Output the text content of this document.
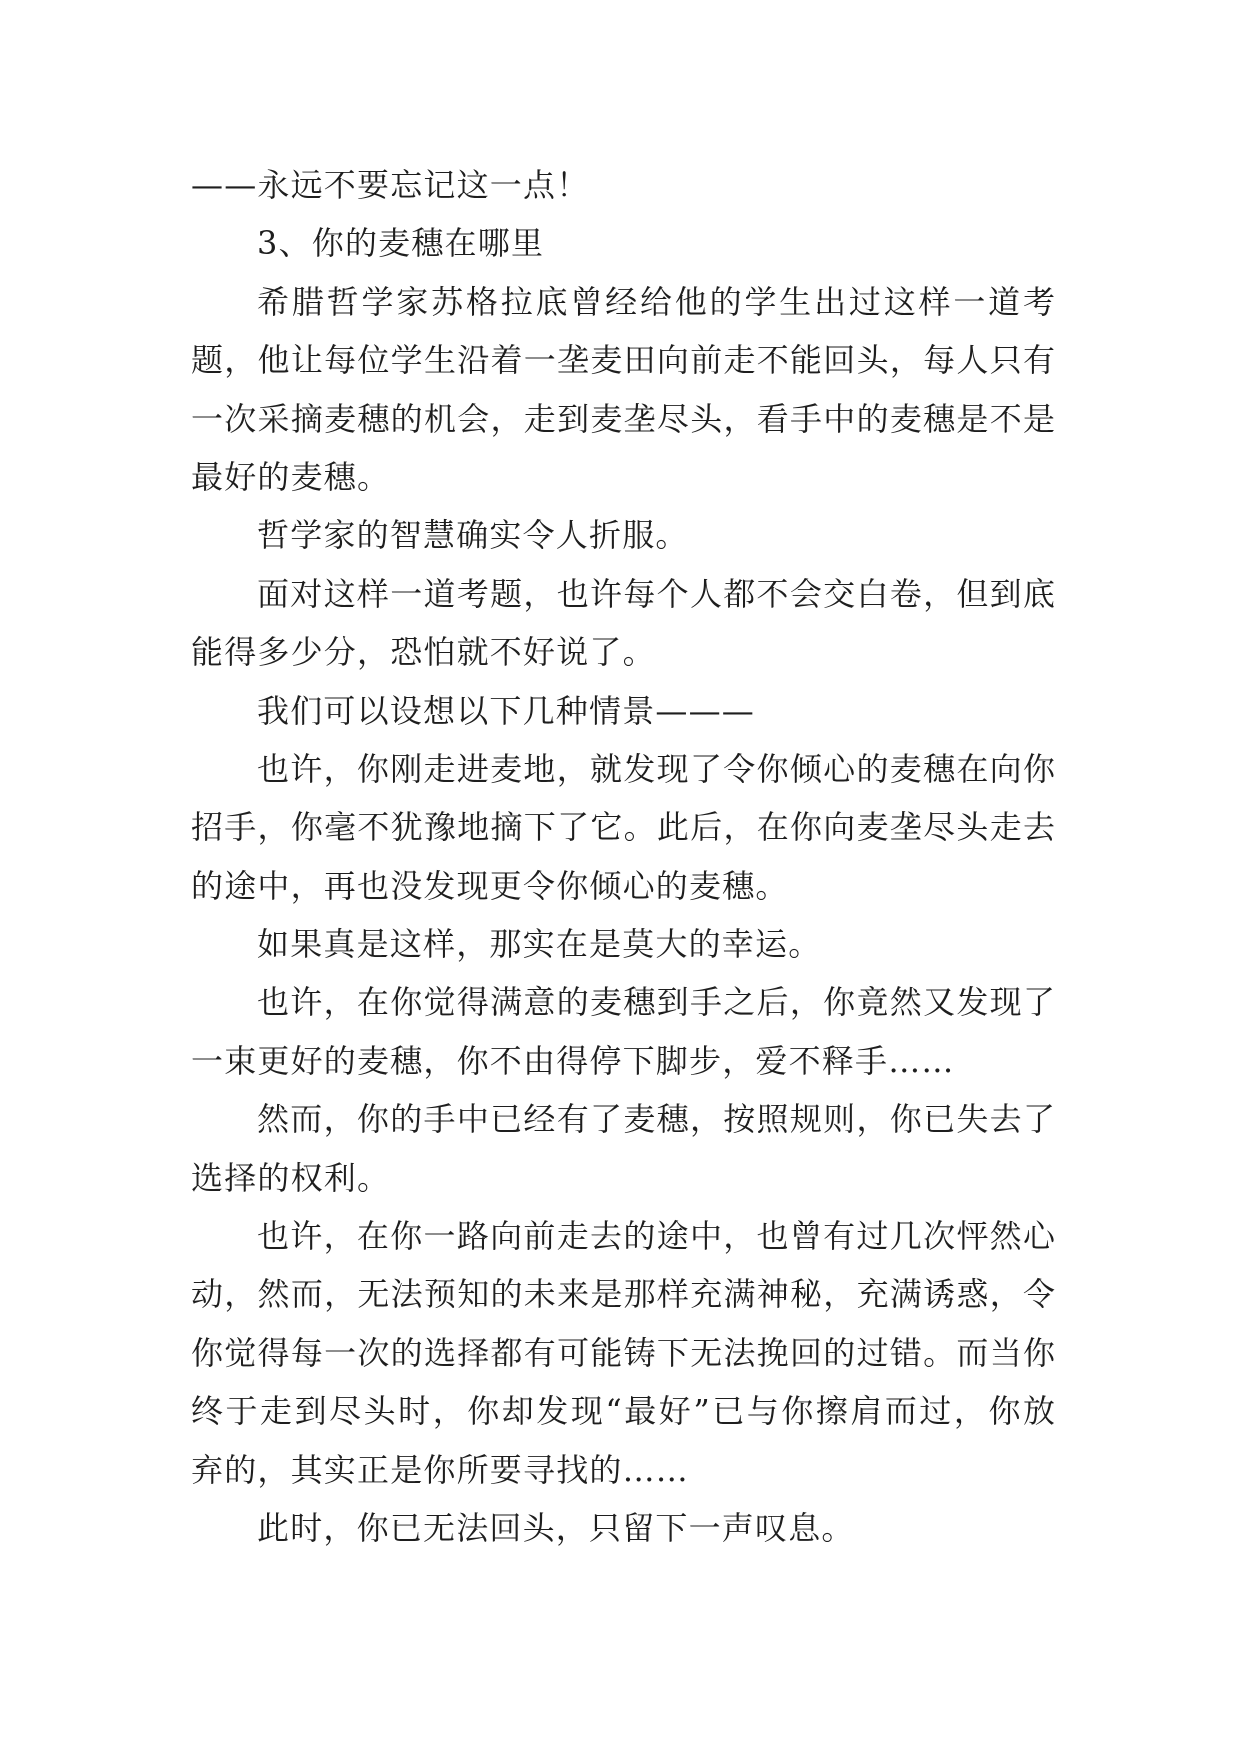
——永远不要忘记这一点！
3、你的麦穗在哪里
希腊哲学家苏格拉底曾经给他的学生出过这样一道考
题，他让每位学生沿着一垄麦田向前走不能回头，每人只有
一次采摘麦穗的机会，走到麦垄尽头，看手中的麦穗是不是
最好的麦穗。
哲学家的智慧确实令人折服。
面对这样一道考题，也许每个人都不会交白卷，但到底
能得多少分，恐怕就不好说了。
我们可以设想以下几种情景———
也许，你刚走进麦地，就发现了令你倾心的麦穗在向你
招手，你毫不犹豫地摘下了它。此后，在你向麦垄尽头走去
的途中，再也没发现更令你倾心的麦穗。
如果真是这样，那实在是莫大的幸运。
也许，在你觉得满意的麦穗到手之后，你竟然又发现了
一束更好的麦穗，你不由得停下脚步，爱不释手……
然而，你的手中已经有了麦穗，按照规则，你已失去了
选择的权利。
也许，在你一路向前走去的途中，也曾有过几次怦然心
动，然而，无法预知的未来是那样充满神秘，充满诱惑，令
你觉得每一次的选择都有可能铸下无法挽回的过错。而当你
终于走到尽头时，你却发现“最好”已与你擦肩而过，你放
弃的，其实正是你所要寻找的……
此时，你已无法回头，只留下一声叹息。
